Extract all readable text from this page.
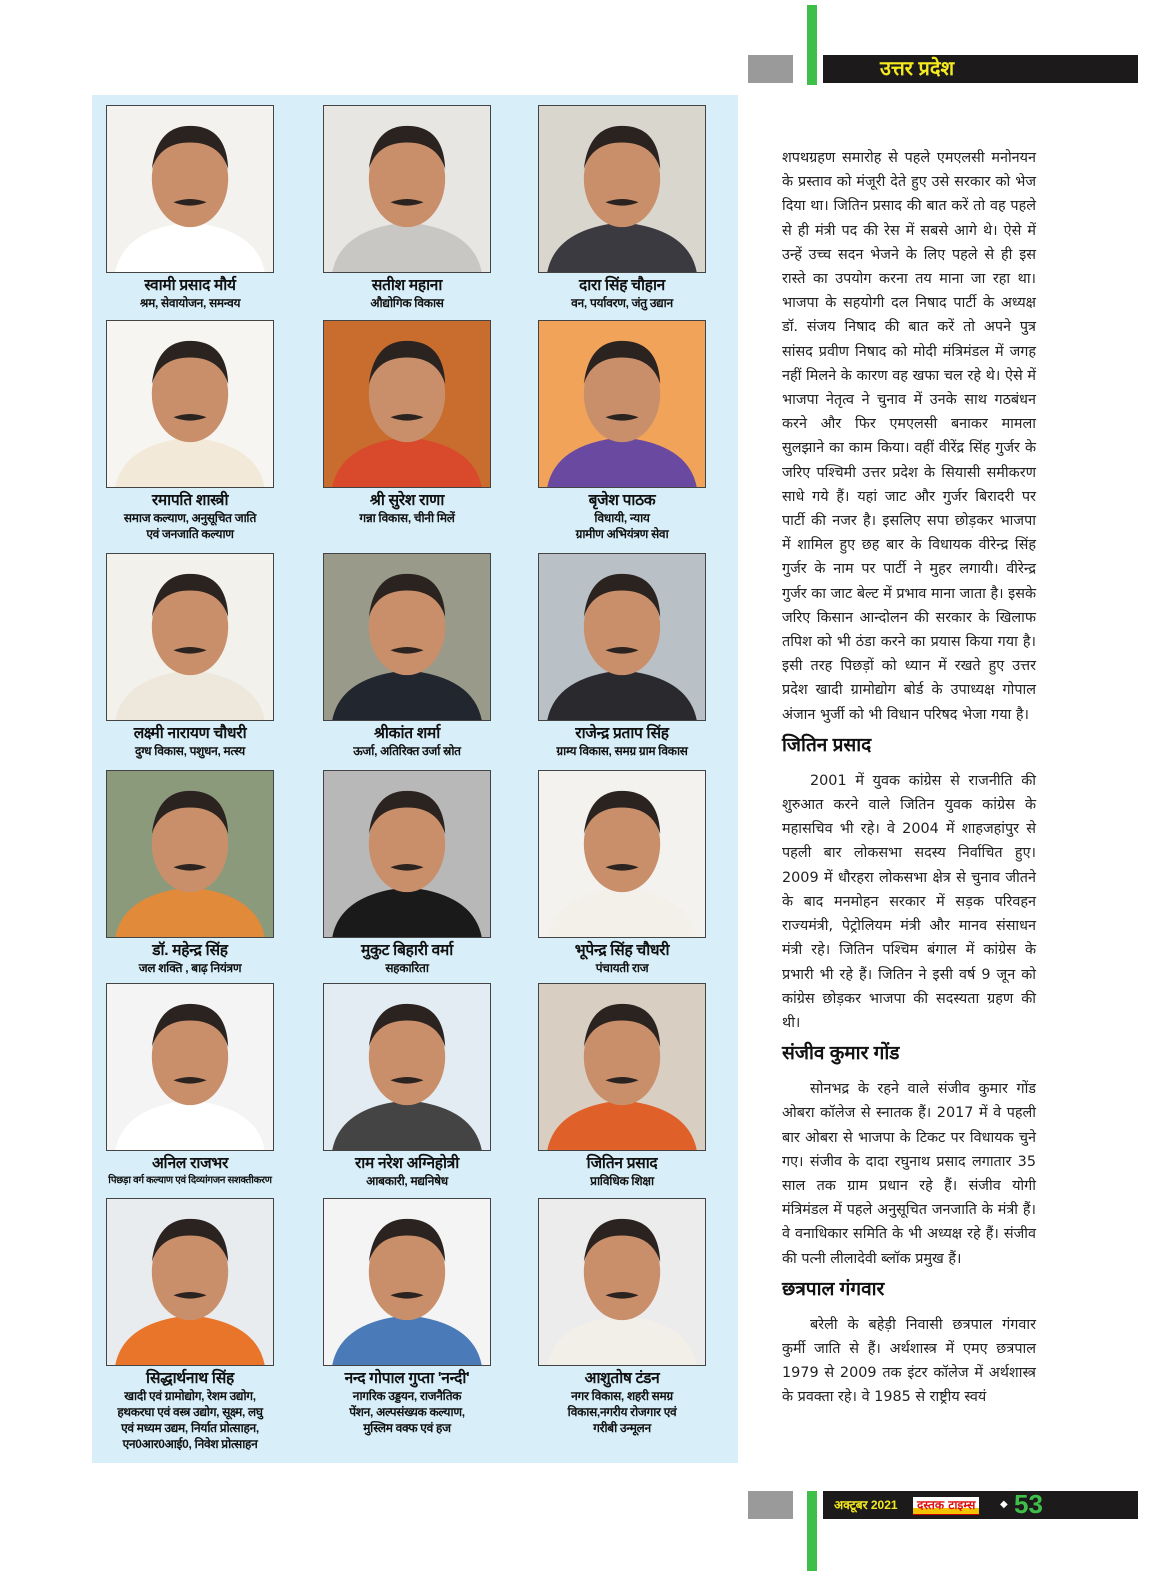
उत्तर प्रदेश
स्वामी प्रसाद मौर्य
श्रम, सेवायोजन, समन्वय
सतीश महाना
औद्योगिक विकास
दारा सिंह चौहान
वन, पर्यावरण, जंतु उद्यान
रमापति शास्त्री
समाज कल्याण, अनुसूचित जाति
एवं जनजाति कल्याण
श्री सुरेश राणा
गन्ना विकास, चीनी मिलें
बृजेश पाठक
विधायी, न्याय
ग्रामीण अभियंत्रण सेवा
लक्ष्मी नारायण चौधरी
दुग्ध विकास, पशुधन, मत्स्य
श्रीकांत शर्मा
ऊर्जा, अतिरिक्त उर्जा स्रोत
राजेन्द्र प्रताप सिंह
ग्राम्य विकास, समग्र ग्राम विकास
डॉ. महेन्द्र सिंह
जल शक्ति , बाढ़ नियंत्रण
मुकुट बिहारी वर्मा
सहकारिता
भूपेन्द्र सिंह चौधरी
पंचायती राज
अनिल राजभर
पिछड़ा वर्ग कल्याण एवं दिव्यांगजन सशक्तीकरण
राम नरेश अग्निहोत्री
आबकारी, मद्यनिषेध
जितिन प्रसाद
प्राविधिक शिक्षा
सिद्धार्थनाथ सिंह
खादी एवं ग्रामोद्योग, रेशम उद्योग,
हथकरघा एवं वस्त्र उद्योग, सूक्ष्म, लघु
एवं मध्यम उद्यम, निर्यात प्रोत्साहन,
एन0आर0आई0, निवेश प्रोत्साहन
नन्द गोपाल गुप्ता 'नन्दी'
नागरिक उड्डयन, राजनैतिक
पेंशन, अल्पसंख्यक कल्याण,
मुस्लिम वक्फ एवं हज
आशुतोष टंडन
नगर विकास, शहरी समग्र
विकास,नगरीय रोजगार एवं
गरीबी उन्मूलन

शपथग्रहण समारोह से पहले एमएलसी मनोनयन के प्रस्ताव को मंजूरी देते हुए उसे सरकार को भेज दिया था। जितिन प्रसाद की बात करें तो वह पहले से ही मंत्री पद की रेस में सबसे आगे थे। ऐसे में उन्हें उच्च सदन भेजने के लिए पहले से ही इस रास्ते का उपयोग करना तय माना जा रहा था। भाजपा के सहयोगी दल निषाद पार्टी के अध्यक्ष डॉ. संजय निषाद की बात करें तो अपने पुत्र सांसद प्रवीण निषाद को मोदी मंत्रिमंडल में जगह नहीं मिलने के कारण वह खफा चल रहे थे। ऐसे में भाजपा नेतृत्व ने चुनाव में उनके साथ गठबंधन करने और फिर एमएलसी बनाकर मामला सुलझाने का काम किया। वहीं वीरेंद्र सिंह गुर्जर के जरिए पश्चिमी उत्तर प्रदेश के सियासी समीकरण साधे गये हैं। यहां जाट और गुर्जर बिरादरी पर पार्टी की नजर है। इसलिए सपा छोड़कर भाजपा में शामिल हुए छह बार के विधायक वीरेन्द्र सिंह गुर्जर के नाम पर पार्टी ने मुहर लगायी। वीरेन्द्र गुर्जर का जाट बेल्ट में प्रभाव माना जाता है। इसके जरिए किसान आन्दोलन की सरकार के खिलाफ तपिश को भी ठंडा करने का प्रयास किया गया है। इसी तरह पिछड़ों को ध्यान में रखते हुए उत्तर प्रदेश खादी ग्रामोद्योग बोर्ड के उपाध्यक्ष गोपाल अंजान भुर्जी को भी विधान परिषद भेजा गया है।

जितिन प्रसाद

2001 में युवक कांग्रेस से राजनीति की शुरुआत करने वाले जितिन युवक कांग्रेस के महासचिव भी रहे। वे 2004 में शाहजहांपुर से पहली बार लोकसभा सदस्य निर्वाचित हुए। 2009 में धौरहरा लोकसभा क्षेत्र से चुनाव जीतने के बाद मनमोहन सरकार में सड़क परिवहन राज्यमंत्री, पेट्रोलियम मंत्री और मानव संसाधन मंत्री रहे। जितिन पश्चिम बंगाल में कांग्रेस के प्रभारी भी रहे हैं। जितिन ने इसी वर्ष 9 जून को कांग्रेस छोड़कर भाजपा की सदस्यता ग्रहण की थी।

संजीव कुमार गोंड

सोनभद्र के रहने वाले संजीव कुमार गोंड ओबरा कॉलेज से स्नातक हैं। 2017 में वे पहली बार ओबरा से भाजपा के टिकट पर विधायक चुने गए। संजीव के दादा रघुनाथ प्रसाद लगातार 35 साल तक ग्राम प्रधान रहे हैं। संजीव योगी मंत्रिमंडल में पहले अनुसूचित जनजाति के मंत्री हैं। वे वनाधिकार समिति के भी अध्यक्ष रहे हैं। संजीव की पत्नी लीलादेवी ब्लॉक प्रमुख हैं।

छत्रपाल गंगवार

बरेली के बहेड़ी निवासी छत्रपाल गंगवार कुर्मी जाति से हैं। अर्थशास्त्र में एमए छत्रपाल 1979 से 2009 तक इंटर कॉलेज में अर्थशास्त्र के प्रवक्ता रहे। वे 1985 से राष्ट्रीय स्वयं

अक्टूबर 2021	दस्तक टाइम्स	◆ 53
